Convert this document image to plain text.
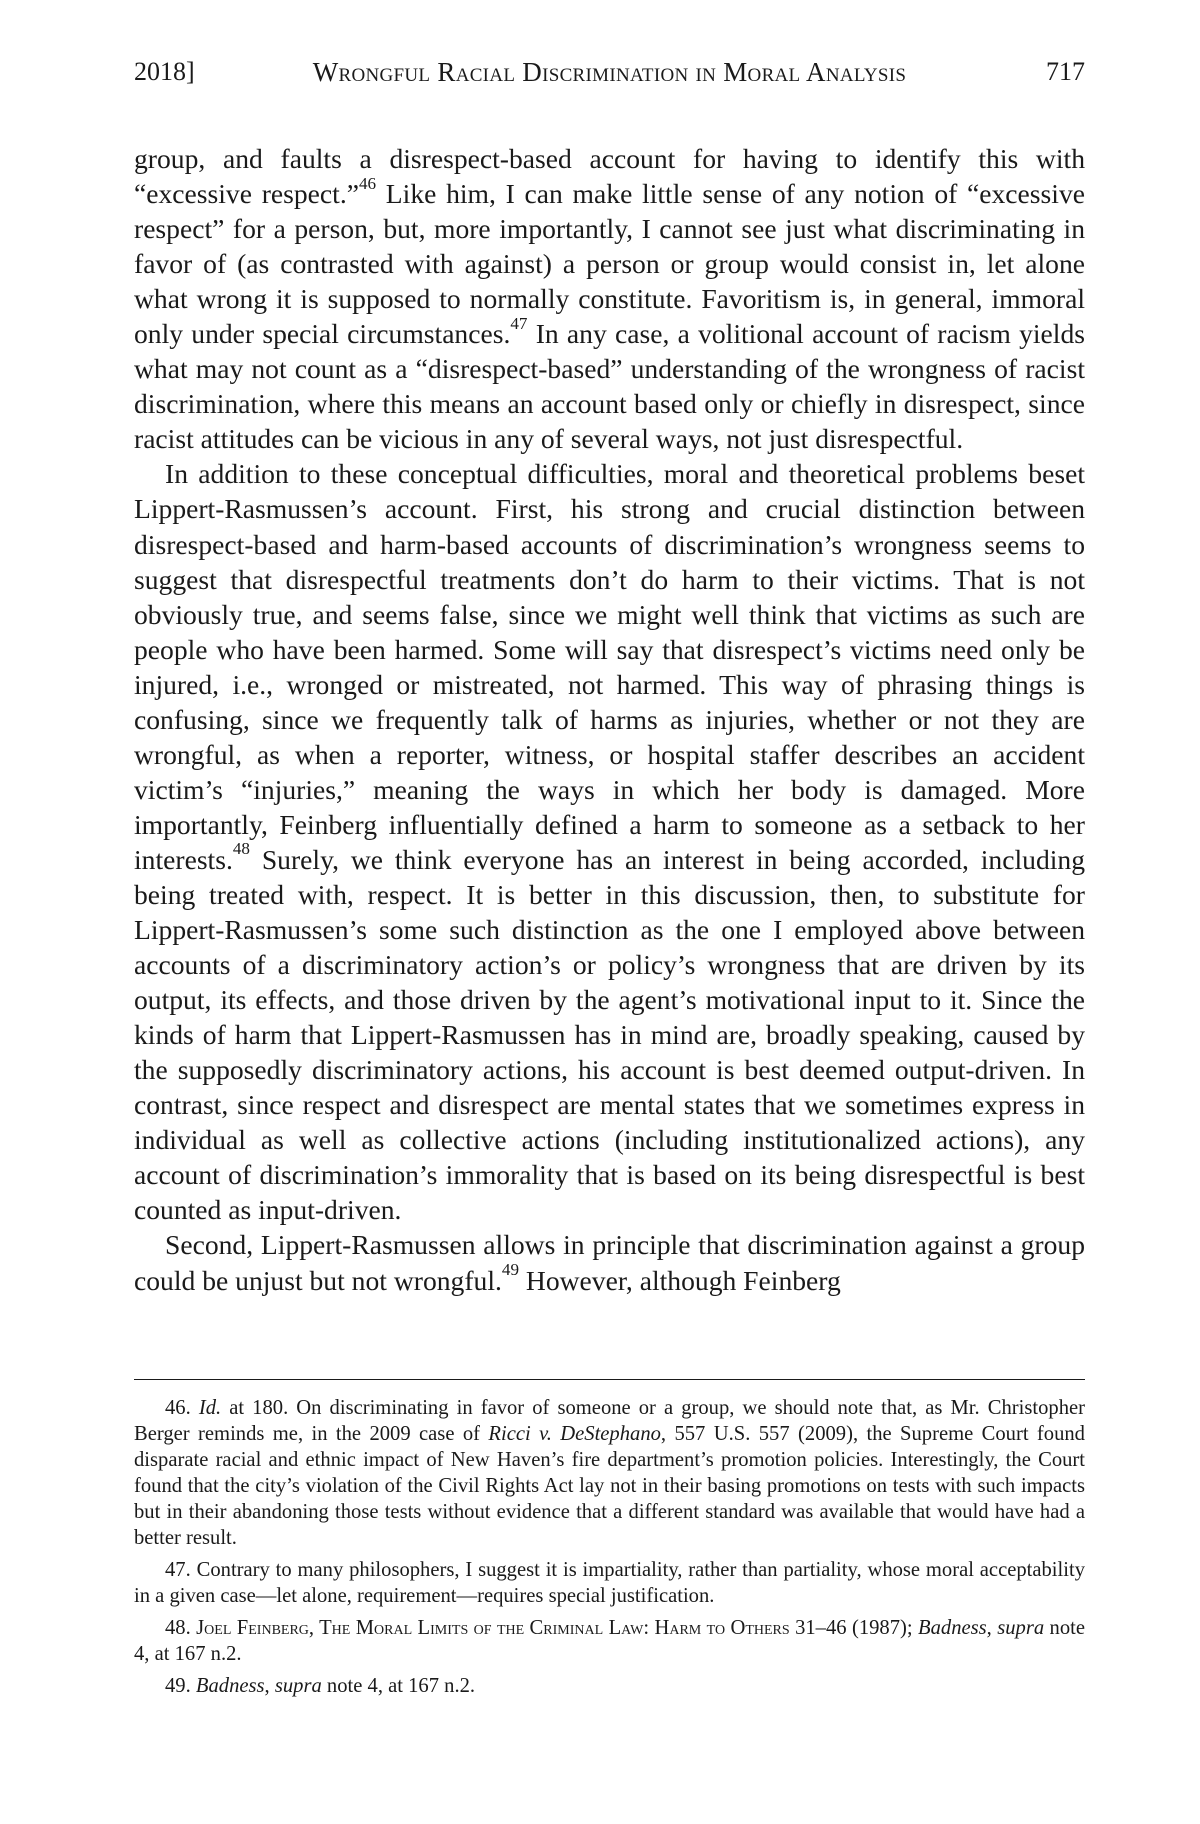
2018]	Wrongful Racial Discrimination in Moral Analysis	717

group, and faults a disrespect-based account for having to identify this with “excessive respect.”$^{46}$ Like him, I can make little sense of any notion of “excessive respect” for a person, but, more importantly, I cannot see just what discriminating in favor of (as contrasted with against) a person or group would consist in, let alone what wrong it is supposed to normally constitute. Favoritism is, in general, immoral only under special circumstances.$^{47}$ In any case, a volitional account of racism yields what may not count as a “disrespect-based” understanding of the wrongness of racist discrimination, where this means an account based only or chiefly in disrespect, since racist attitudes can be vicious in any of several ways, not just disrespectful.

In addition to these conceptual difficulties, moral and theoretical problems beset Lippert-Rasmussen’s account. First, his strong and crucial distinction between disrespect-based and harm-based accounts of discrimination’s wrongness seems to suggest that disrespectful treatments don’t do harm to their victims. That is not obviously true, and seems false, since we might well think that victims as such are people who have been harmed. Some will say that disrespect’s victims need only be injured, i.e., wronged or mistreated, not harmed. This way of phrasing things is confusing, since we frequently talk of harms as injuries, whether or not they are wrongful, as when a reporter, witness, or hospital staffer describes an accident victim’s “injuries,” meaning the ways in which her body is damaged. More importantly, Feinberg influentially defined a harm to someone as a setback to her interests.$^{48}$ Surely, we think everyone has an interest in being accorded, including being treated with, respect. It is better in this discussion, then, to substitute for Lippert-Rasmussen’s some such distinction as the one I employed above between accounts of a discriminatory action’s or policy’s wrongness that are driven by its output, its effects, and those driven by the agent’s motivational input to it. Since the kinds of harm that Lippert-Rasmussen has in mind are, broadly speaking, caused by the supposedly discriminatory actions, his account is best deemed output-driven. In contrast, since respect and disrespect are mental states that we sometimes express in individual as well as collective actions (including institutionalized actions), any account of discrimination’s immorality that is based on its being disrespectful is best counted as input-driven.

Second, Lippert-Rasmussen allows in principle that discrimination against a group could be unjust but not wrongful.$^{49}$ However, although Feinberg

46. Id. at 180. On discriminating in favor of someone or a group, we should note that, as Mr. Christopher Berger reminds me, in the 2009 case of Ricci v. DeStephano, 557 U.S. 557 (2009), the Supreme Court found disparate racial and ethnic impact of New Haven’s fire department’s promotion policies. Interestingly, the Court found that the city’s violation of the Civil Rights Act lay not in their basing promotions on tests with such impacts but in their abandoning those tests without evidence that a different standard was available that would have had a better result.

47. Contrary to many philosophers, I suggest it is impartiality, rather than partiality, whose moral acceptability in a given case—let alone, requirement—requires special justification.

48. Joel Feinberg, The Moral Limits of the Criminal Law: Harm to Others 31–46 (1987); Badness, supra note 4, at 167 n.2.

49. Badness, supra note 4, at 167 n.2.
